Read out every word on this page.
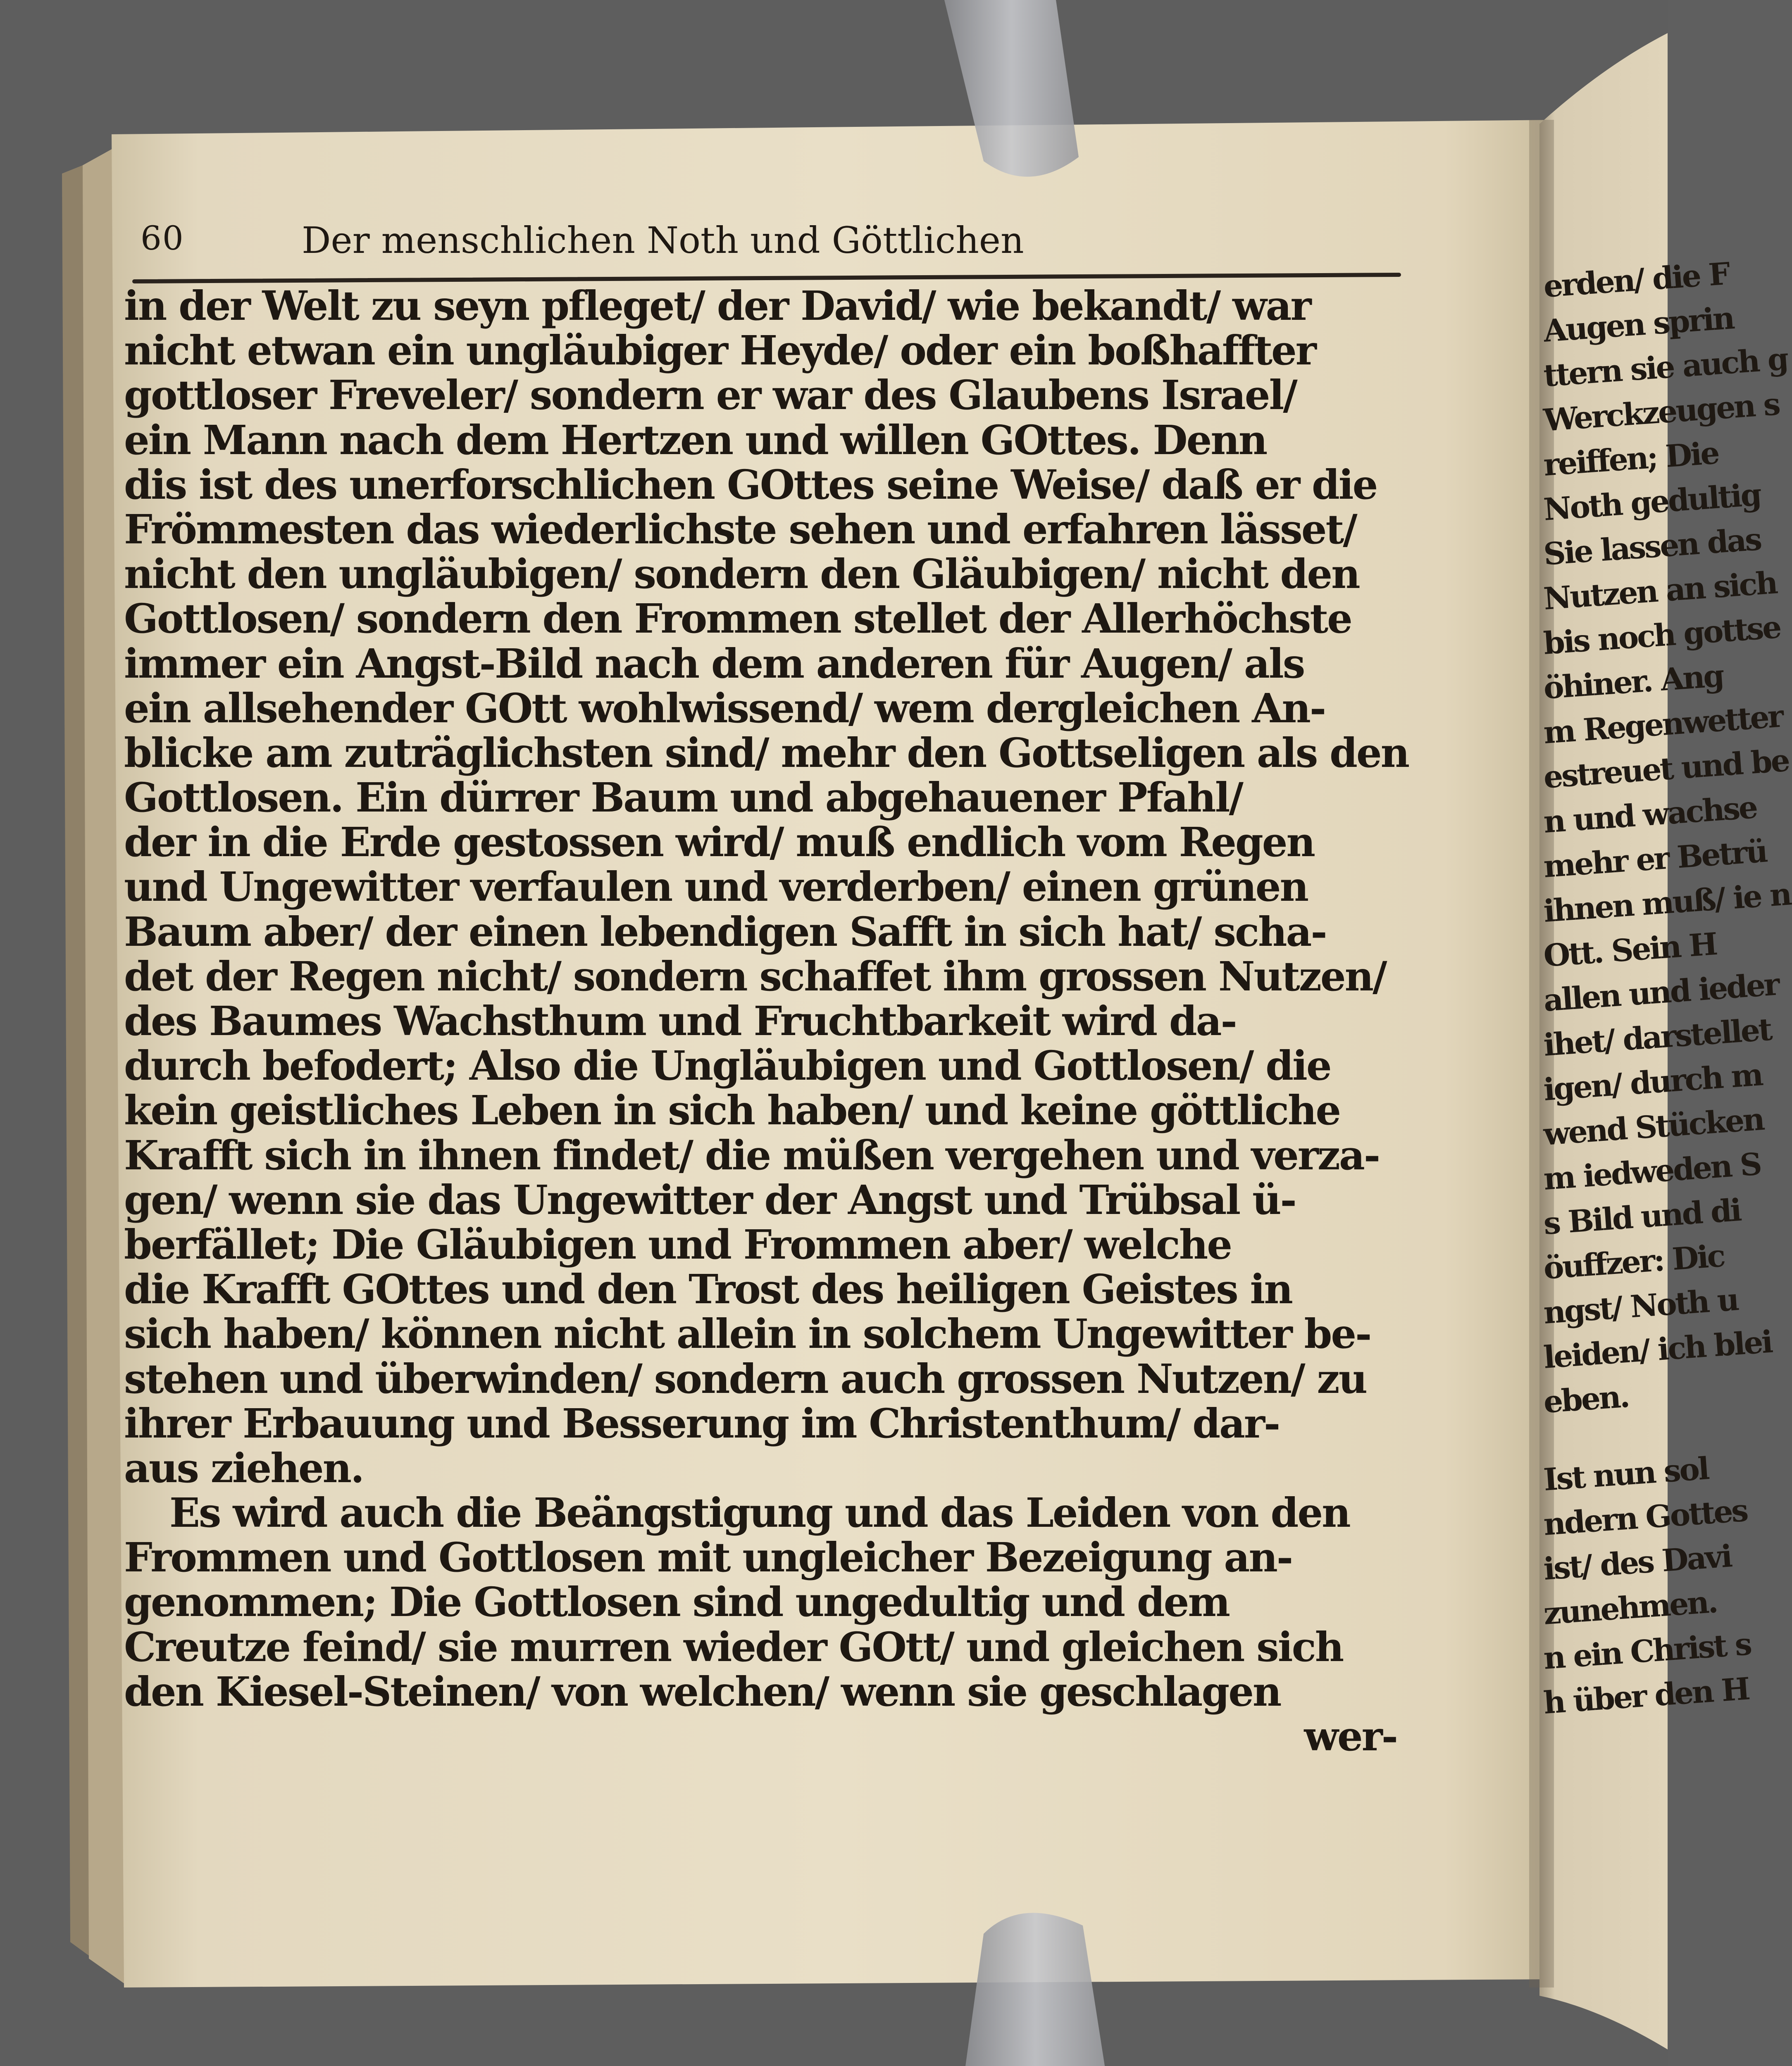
60	Der menschlichen Noth und Göttlichen
in der Welt zu seyn pfleget/ der David/ wie bekandt/ war
nicht etwan ein ungläubiger Heyde/ oder ein boßhaffter
gottloser Freveler/ sondern er war des Glaubens Israel/
ein Mann nach dem Hertzen und willen GOttes. Denn
dis ist des unerforschlichen GOttes seine Weise/ daß er die
Frömmesten das wiederlichste sehen und erfahren lässet/
nicht den ungläubigen/ sondern den Gläubigen/ nicht den
Gottlosen/ sondern den Frommen stellet der Allerhöchste
immer ein Angst-Bild nach dem anderen für Augen/ als
ein allsehender GOtt wohlwissend/ wem dergleichen An-
blicke am zuträglichsten sind/ mehr den Gottseligen als den
Gottlosen. Ein dürrer Baum und abgehauener Pfahl/
der in die Erde gestossen wird/ muß endlich vom Regen
und Ungewitter verfaulen und verderben/ einen grünen
Baum aber/ der einen lebendigen Safft in sich hat/ scha-
det der Regen nicht/ sondern schaffet ihm grossen Nutzen/
des Baumes Wachsthum und Fruchtbarkeit wird da-
durch befodert; Also die Ungläubigen und Gottlosen/ die
kein geistliches Leben in sich haben/ und keine göttliche
Krafft sich in ihnen findet/ die müßen vergehen und verza-
gen/ wenn sie das Ungewitter der Angst und Trübsal ü-
berfället; Die Gläubigen und Frommen aber/ welche
die Krafft GOttes und den Trost des heiligen Geistes in
sich haben/ können nicht allein in solchem Ungewitter be-
stehen und überwinden/ sondern auch grossen Nutzen/ zu
ihrer Erbauung und Besserung im Christenthum/ dar-
aus ziehen.
Es wird auch die Beängstigung und das Leiden von den
Frommen und Gottlosen mit ungleicher Bezeigung an-
genommen; Die Gottlosen sind ungedultig und dem
Creutze feind/ sie murren wieder GOtt/ und gleichen sich
den Kiesel-Steinen/ von welchen/ wenn sie geschlagen
wer-
erden/ die F
Augen sprin
ttern sie auch g
Werckzeugen s
reiffen; Die
Noth gedultig
Sie lassen das
Nutzen an sich
bis noch gottse
öhiner. Ang
m Regenwetter
estreuet und be
n und wachse
mehr er Betrü
ihnen muß/ ie n
Ott. Sein H
allen und ieder
ihet/ darstellet
igen/ durch m
wend Stücken
m iedweden S
s Bild und di
öuffzer: Dic
ngst/ Noth u
leiden/ ich blei
eben.
Ist nun sol
ndern Gottes
ist/ des Davi
zunehmen.
n ein Christ s
h über den H
